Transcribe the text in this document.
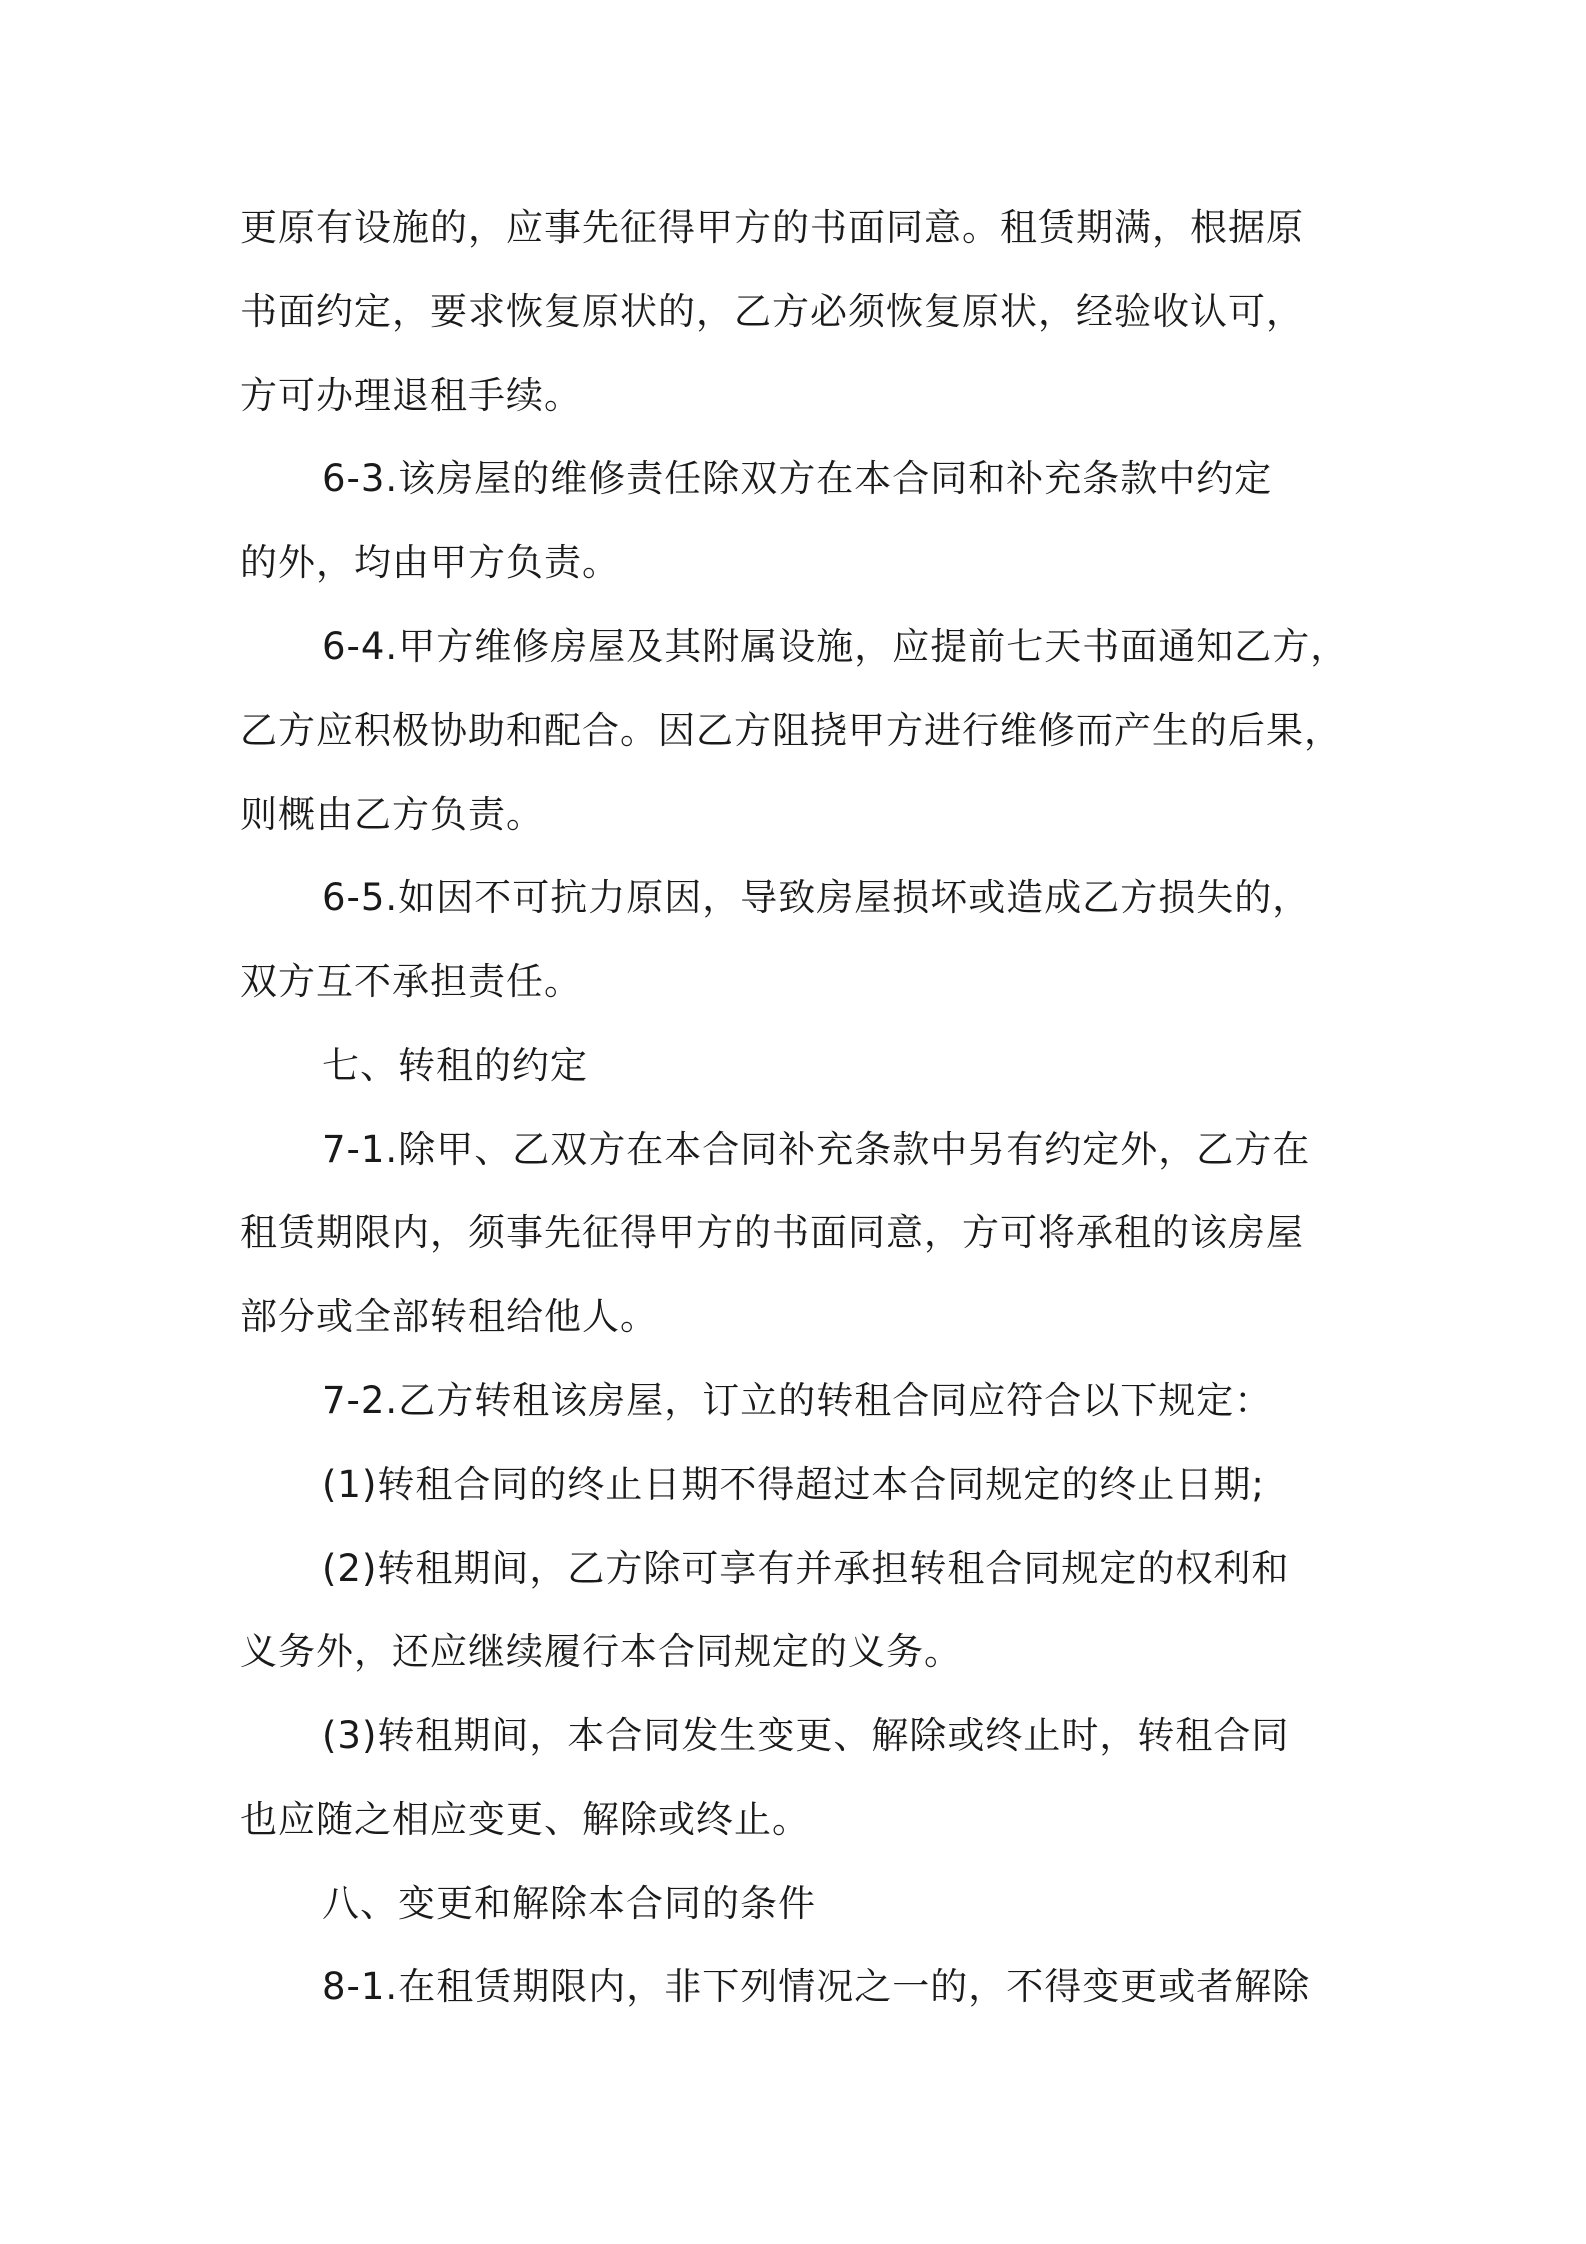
更原有设施的，应事先征得甲方的书面同意。租赁期满，根据原
书面约定，要求恢复原状的，乙方必须恢复原状，经验收认可，
方可办理退租手续。
6-3.该房屋的维修责任除双方在本合同和补充条款中约定
的外，均由甲方负责。
6-4.甲方维修房屋及其附属设施，应提前七天书面通知乙方，
乙方应积极协助和配合。因乙方阻挠甲方进行维修而产生的后果，
则概由乙方负责。
6-5.如因不可抗力原因，导致房屋损坏或造成乙方损失的，
双方互不承担责任。
七、转租的约定
7-1.除甲、乙双方在本合同补充条款中另有约定外，乙方在
租赁期限内，须事先征得甲方的书面同意，方可将承租的该房屋
部分或全部转租给他人。
7-2.乙方转租该房屋，订立的转租合同应符合以下规定：
(1)转租合同的终止日期不得超过本合同规定的终止日期;
(2)转租期间，乙方除可享有并承担转租合同规定的权利和
义务外，还应继续履行本合同规定的义务。
(3)转租期间，本合同发生变更、解除或终止时，转租合同
也应随之相应变更、解除或终止。
八、变更和解除本合同的条件
8-1.在租赁期限内，非下列情况之一的，不得变更或者解除
